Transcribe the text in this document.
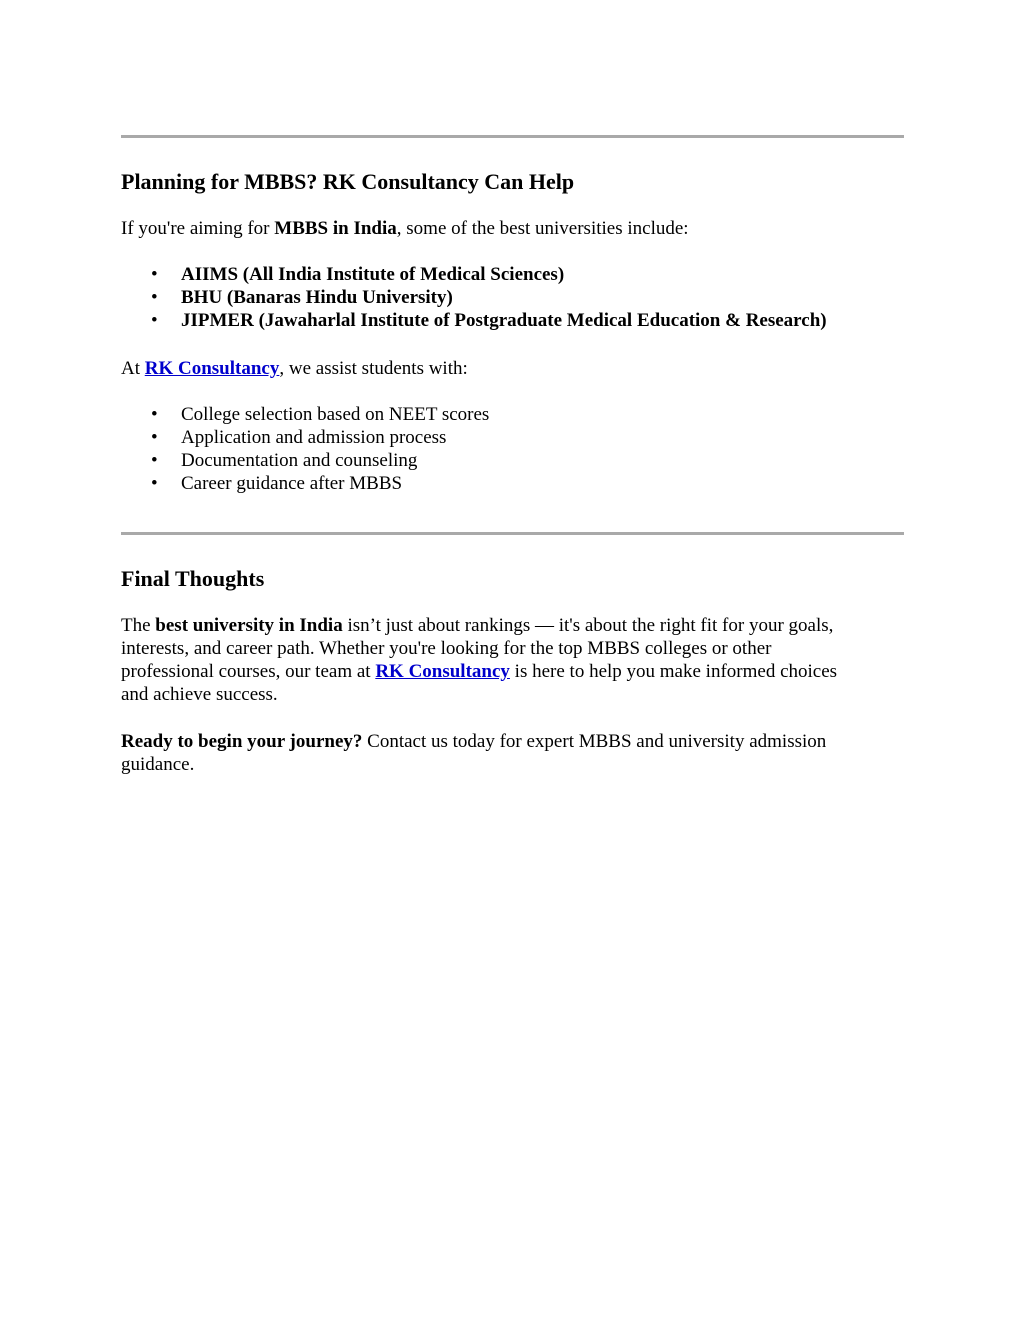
Planning for MBBS? RK Consultancy Can Help

If you're aiming for MBBS in India, some of the best universities include:

• AIIMS (All India Institute of Medical Sciences)
• BHU (Banaras Hindu University)
• JIPMER (Jawaharlal Institute of Postgraduate Medical Education & Research)

At RK Consultancy, we assist students with:

• College selection based on NEET scores
• Application and admission process
• Documentation and counseling
• Career guidance after MBBS
Final Thoughts
The best university in India isn’t just about rankings — it's about the right fit for your goals,
interests, and career path. Whether you're looking for the top MBBS colleges or other
professional courses, our team at RK Consultancy is here to help you make informed choices
and achieve success.
Ready to begin your journey? Contact us today for expert MBBS and university admission
guidance.
